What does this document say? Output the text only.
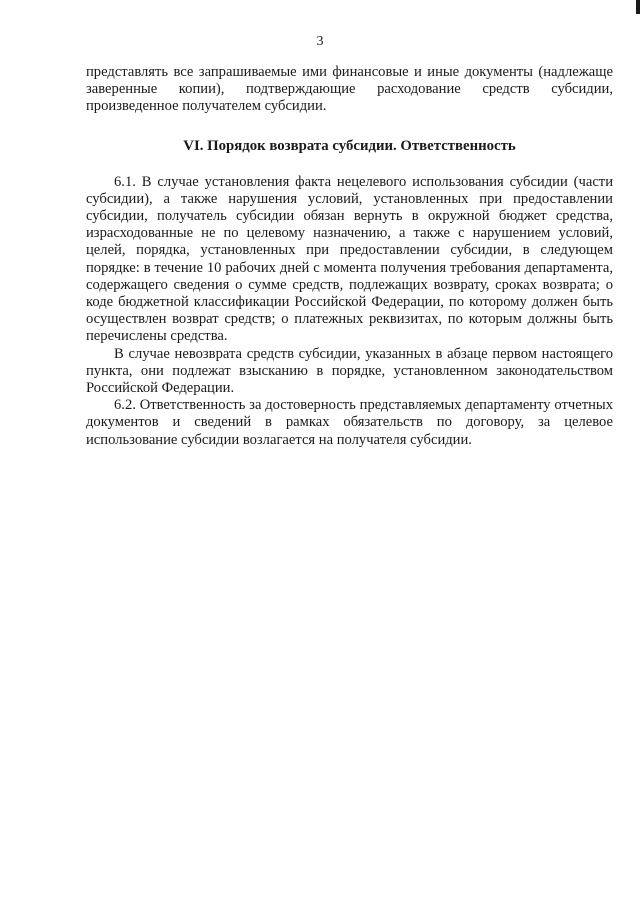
3

представлять все запрашиваемые ими финансовые и иные документы (надлежаще заверенные копии), подтверждающие расходование средств субсидии, произведенное получателем субсидии.

VI. Порядок возврата субсидии. Ответственность

6.1. В случае установления факта нецелевого использования субсидии (части субсидии), а также нарушения условий, установленных при предоставлении субсидии, получатель субсидии обязан вернуть в окружной бюджет средства, израсходованные не по целевому назначению, а также с нарушением условий, целей, порядка, установленных при предоставлении субсидии, в следующем порядке: в течение 10 рабочих дней с момента получения требования департамента, содержащего сведения о сумме средств, подлежащих возврату, сроках возврата; о коде бюджетной классификации Российской Федерации, по которому должен быть осуществлен возврат средств; о платежных реквизитах, по которым должны быть перечислены средства.

В случае невозврата средств субсидии, указанных в абзаце первом настоящего пункта, они подлежат взысканию в порядке, установленном законодательством Российской Федерации.

6.2. Ответственность за достоверность представляемых департаменту отчетных документов и сведений в рамках обязательств по договору, за целевое использование субсидии возлагается на получателя субсидии.
